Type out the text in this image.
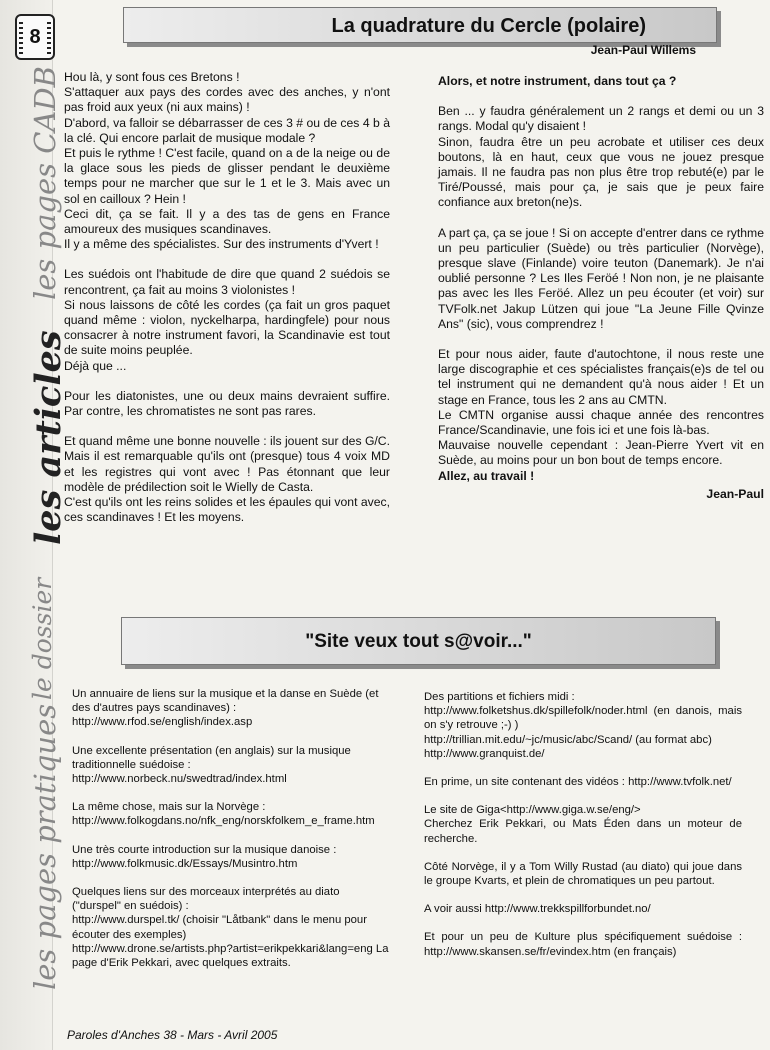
8
les pages CADB
les articles
le dossier
les pages pratiques
La quadrature du Cercle (polaire)
Jean-Paul Willems

Hou là, y sont fous ces Bretons !

S'attaquer aux pays des cordes avec des anches, y n'ont pas froid aux yeux (ni aux mains) !

D'abord, va falloir se débarrasser de ces 3 # ou de ces 4 b à la clé. Qui encore parlait de musique modale ?

Et puis le rythme ! C'est facile, quand on a de la neige ou de la glace sous les pieds de glisser pendant le deuxième temps pour ne marcher que sur le 1 et le 3. Mais avec un sol en cailloux ? Hein !

Ceci dit, ça se fait. Il y a des tas de gens en France amoureux des musiques scandinaves.

Il y a même des spécialistes. Sur des instruments d'Yvert !

Les suédois ont l'habitude de dire que quand 2 suédois se rencontrent, ça fait au moins 3 violonistes !

Si nous laissons de côté les cordes (ça fait un gros paquet quand même : violon, nyckelharpa, hardingfele) pour nous consacrer à notre instrument favori, la Scandinavie est tout de suite moins peuplée.

Déjà que ...

Pour les diatonistes, une ou deux mains devraient suffire. Par contre, les chromatistes ne sont pas rares.

Et quand même une bonne nouvelle : ils jouent sur des G/C. Mais il est remarquable qu'ils ont (presque) tous 4 voix MD et les registres qui vont avec ! Pas étonnant que leur modèle de prédilection soit le Wielly de Casta.

C'est qu'ils ont les reins solides et les épaules qui vont avec, ces scandinaves ! Et les moyens.

Alors, et notre instrument, dans tout ça ?

Ben ... y faudra généralement un 2 rangs et demi ou un 3 rangs. Modal qu'y disaient !

Sinon, faudra être un peu acrobate et utiliser ces deux boutons, là en haut, ceux que vous ne jouez presque jamais. Il ne faudra pas non plus être trop rebuté(e) par le Tiré/Poussé, mais pour ça, je sais que je peux faire confiance aux breton(ne)s.

A part ça, ça se joue ! Si on accepte d'entrer dans ce rythme un peu particulier (Suède) ou très particulier (Norvège), presque slave (Finlande) voire teuton (Danemark). Je n'ai oublié personne ? Les Iles Feröé ! Non non, je ne plaisante pas avec les Iles Feröé. Allez un peu écouter (et voir) sur TVFolk.net Jakup Lützen qui joue "La Jeune Fille Qvinze Ans" (sic), vous comprendrez !

Et pour nous aider, faute d'autochtone, il nous reste une large discographie et ces spécialistes français(e)s de tel ou tel instrument qui ne demandent qu'à nous aider ! Et un stage en France, tous les 2 ans au CMTN.

Le CMTN organise aussi chaque année des rencontres France/Scandinavie, une fois ici et une fois là-bas.

Mauvaise nouvelle cependant : Jean-Pierre Yvert vit en Suède, au moins pour un bon bout de temps encore.

Allez, au travail !

Jean-Paul

"Site veux tout s@voir..."

Un annuaire de liens sur la musique et la danse en Suède (et des d'autres pays scandinaves) :

http://www.rfod.se/english/index.asp

Une excellente présentation (en anglais) sur la musique traditionnelle suédoise :

http://www.norbeck.nu/swedtrad/index.html

La même chose, mais sur la Norvège :

http://www.folkogdans.no/nfk_eng/norskfolkem_e_frame.htm

Une très courte introduction sur la musique danoise :

http://www.folkmusic.dk/Essays/Musintro.htm

Quelques liens sur des morceaux interprétés au diato ("durspel" en suédois) :

http://www.durspel.tk/ (choisir "Låtbank" dans le menu pour écouter des exemples)

http://www.drone.se/artists.php?artist=erikpekkari&lang=eng La page d'Erik Pekkari, avec quelques extraits.

Des partitions et fichiers midi :

http://www.folketshus.dk/spillefolk/noder.html (en danois, mais on s'y retrouve ;-) )

http://trillian.mit.edu/~jc/music/abc/Scand/ (au format abc)

http://www.granquist.de/

En prime, un site contenant des vidéos : http://www.tvfolk.net/

Le site de Giga<http://www.giga.w.se/eng/>

Cherchez Erik Pekkari, ou Mats Éden dans un moteur de recherche.

Côté Norvège, il y a Tom Willy Rustad (au diato) qui joue dans le groupe Kvarts, et plein de chromatiques un peu partout.

A voir aussi http://www.trekkspillforbundet.no/

Et pour un peu de Kulture plus spécifiquement suédoise : http://www.skansen.se/fr/evindex.htm (en français)

Paroles d'Anches 38 - Mars - Avril 2005
